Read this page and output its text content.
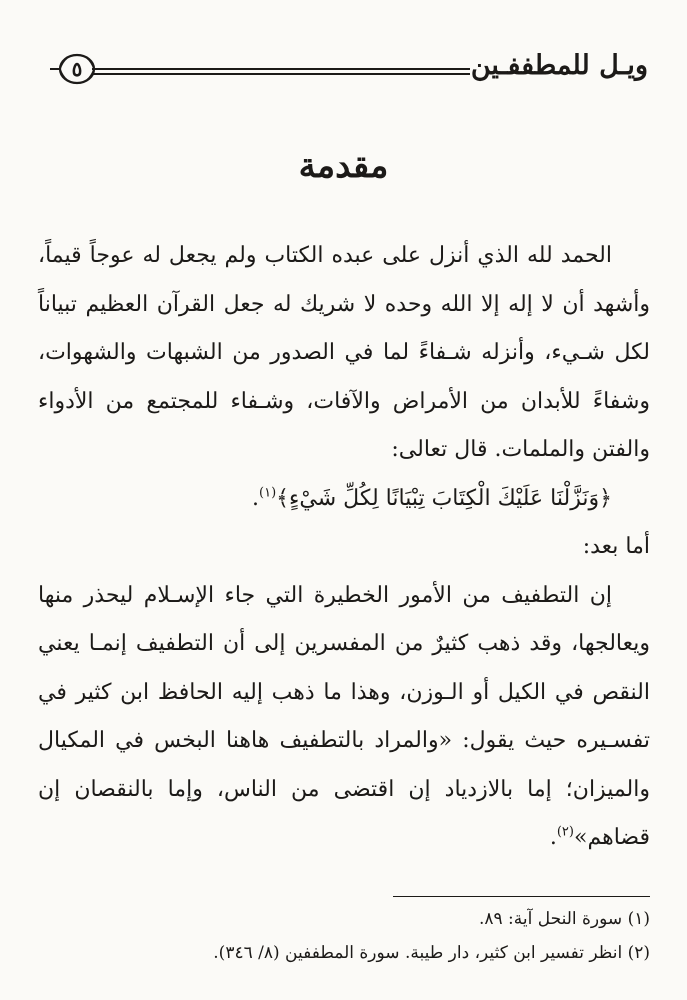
ويـل للمطففـين
٥
مقدمة

الحمد لله الذي أنزل على عبده الكتاب ولم يجعل له عوجاً قيماً، وأشهد أن لا إله إلا الله وحده لا شريك له جعل القرآن العظيم تبياناً لكل شـيء، وأنزله شـفاءً لما في الصدور من الشبهات والشهوات، وشفاءً للأبدان من الأمراض والآفات، وشـفاء للمجتمع من الأدواء والفتن والملمات. قال تعالى:

﴿وَنَزَّلْنَا عَلَيْكَ الْكِتَابَ تِبْيَانًا لِكُلِّ شَيْءٍ﴾$^{(١)}$.

أما بعد:

إن التطفيف من الأمور الخطيرة التي جاء الإسـلام ليحذر منها ويعالجها، وقد ذهب كثيرٌ من المفسرين إلى أن التطفيف إنمـا يعني النقص في الكيل أو الـوزن، وهذا ما ذهب إليه الحافظ ابن كثير في تفسـيره حيث يقول: «والمراد بالتطفيف هاهنا البخس في المكيال والميزان؛ إما بالازدياد إن اقتضى من الناس، وإما بالنقصان إن قضاهم»$^{(٢)}$.

(١) سورة النحل آية: ٨٩.
(٢) انظر تفسير ابن كثير، دار طيبة. سورة المطففين (٨/ ٣٤٦).
